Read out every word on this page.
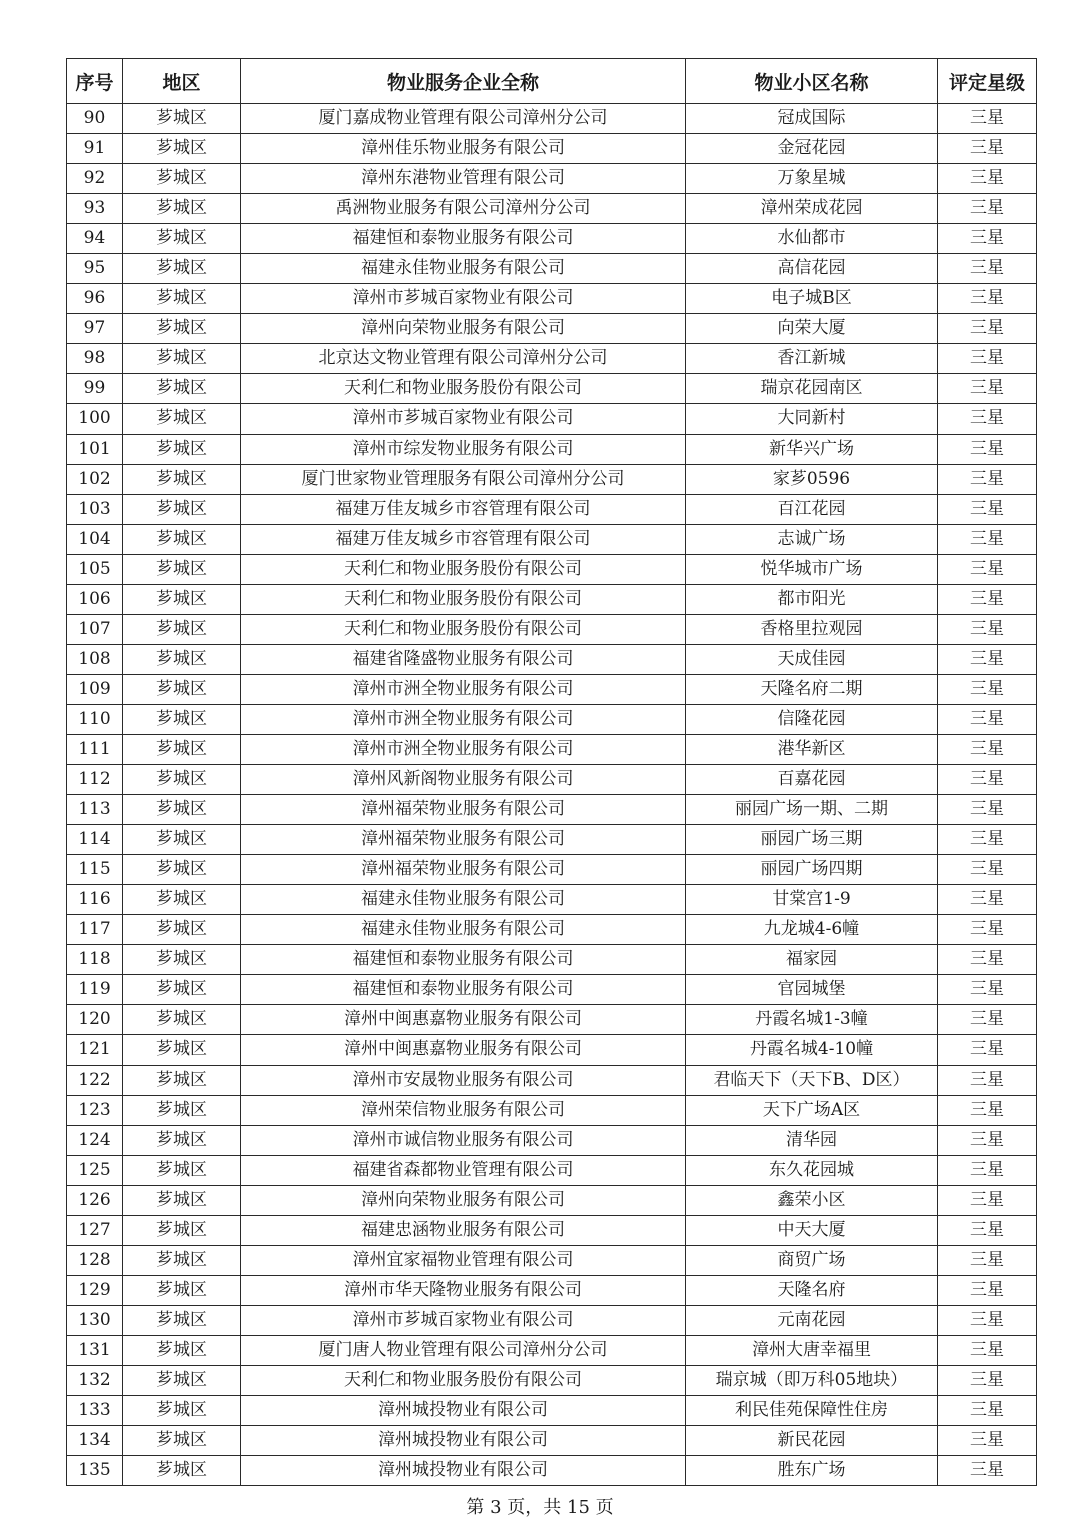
序号	地区	物业服务企业全称	物业小区名称	评定星级
90	芗城区	厦门嘉成物业管理有限公司漳州分公司	冠成国际	三星
91	芗城区	漳州佳乐物业服务有限公司	金冠花园	三星
92	芗城区	漳州东港物业管理有限公司	万象星城	三星
93	芗城区	禹洲物业服务有限公司漳州分公司	漳州荣成花园	三星
94	芗城区	福建恒和泰物业服务有限公司	水仙都市	三星
95	芗城区	福建永佳物业服务有限公司	高信花园	三星
96	芗城区	漳州市芗城百家物业有限公司	电子城B区	三星
97	芗城区	漳州向荣物业服务有限公司	向荣大厦	三星
98	芗城区	北京达文物业管理有限公司漳州分公司	香江新城	三星
99	芗城区	天利仁和物业服务股份有限公司	瑞京花园南区	三星
100	芗城区	漳州市芗城百家物业有限公司	大同新村	三星
101	芗城区	漳州市综发物业服务有限公司	新华兴广场	三星
102	芗城区	厦门世家物业管理服务有限公司漳州分公司	家芗0596	三星
103	芗城区	福建万佳友城乡市容管理有限公司	百江花园	三星
104	芗城区	福建万佳友城乡市容管理有限公司	志诚广场	三星
105	芗城区	天利仁和物业服务股份有限公司	悦华城市广场	三星
106	芗城区	天利仁和物业服务股份有限公司	都市阳光	三星
107	芗城区	天利仁和物业服务股份有限公司	香格里拉观园	三星
108	芗城区	福建省隆盛物业服务有限公司	天成佳园	三星
109	芗城区	漳州市洲全物业服务有限公司	天隆名府二期	三星
110	芗城区	漳州市洲全物业服务有限公司	信隆花园	三星
111	芗城区	漳州市洲全物业服务有限公司	港华新区	三星
112	芗城区	漳州风新阁物业服务有限公司	百嘉花园	三星
113	芗城区	漳州福荣物业服务有限公司	丽园广场一期、二期	三星
114	芗城区	漳州福荣物业服务有限公司	丽园广场三期	三星
115	芗城区	漳州福荣物业服务有限公司	丽园广场四期	三星
116	芗城区	福建永佳物业服务有限公司	甘棠宫1-9	三星
117	芗城区	福建永佳物业服务有限公司	九龙城4-6幢	三星
118	芗城区	福建恒和泰物业服务有限公司	福家园	三星
119	芗城区	福建恒和泰物业服务有限公司	官园城堡	三星
120	芗城区	漳州中闽惠嘉物业服务有限公司	丹霞名城1-3幢	三星
121	芗城区	漳州中闽惠嘉物业服务有限公司	丹霞名城4-10幢	三星
122	芗城区	漳州市安晟物业服务有限公司	君临天下（天下B、D区）	三星
123	芗城区	漳州荣信物业服务有限公司	天下广场A区	三星
124	芗城区	漳州市诚信物业服务有限公司	清华园	三星
125	芗城区	福建省森都物业管理有限公司	东久花园城	三星
126	芗城区	漳州向荣物业服务有限公司	鑫荣小区	三星
127	芗城区	福建忠涵物业服务有限公司	中天大厦	三星
128	芗城区	漳州宜家福物业管理有限公司	商贸广场	三星
129	芗城区	漳州市华天隆物业服务有限公司	天隆名府	三星
130	芗城区	漳州市芗城百家物业有限公司	元南花园	三星
131	芗城区	厦门唐人物业管理有限公司漳州分公司	漳州大唐幸福里	三星
132	芗城区	天利仁和物业服务股份有限公司	瑞京城（即万科05地块）	三星
133	芗城区	漳州城投物业有限公司	利民佳苑保障性住房	三星
134	芗城区	漳州城投物业有限公司	新民花园	三星
135	芗城区	漳州城投物业有限公司	胜东广场	三星
第 3 页，共 15 页
